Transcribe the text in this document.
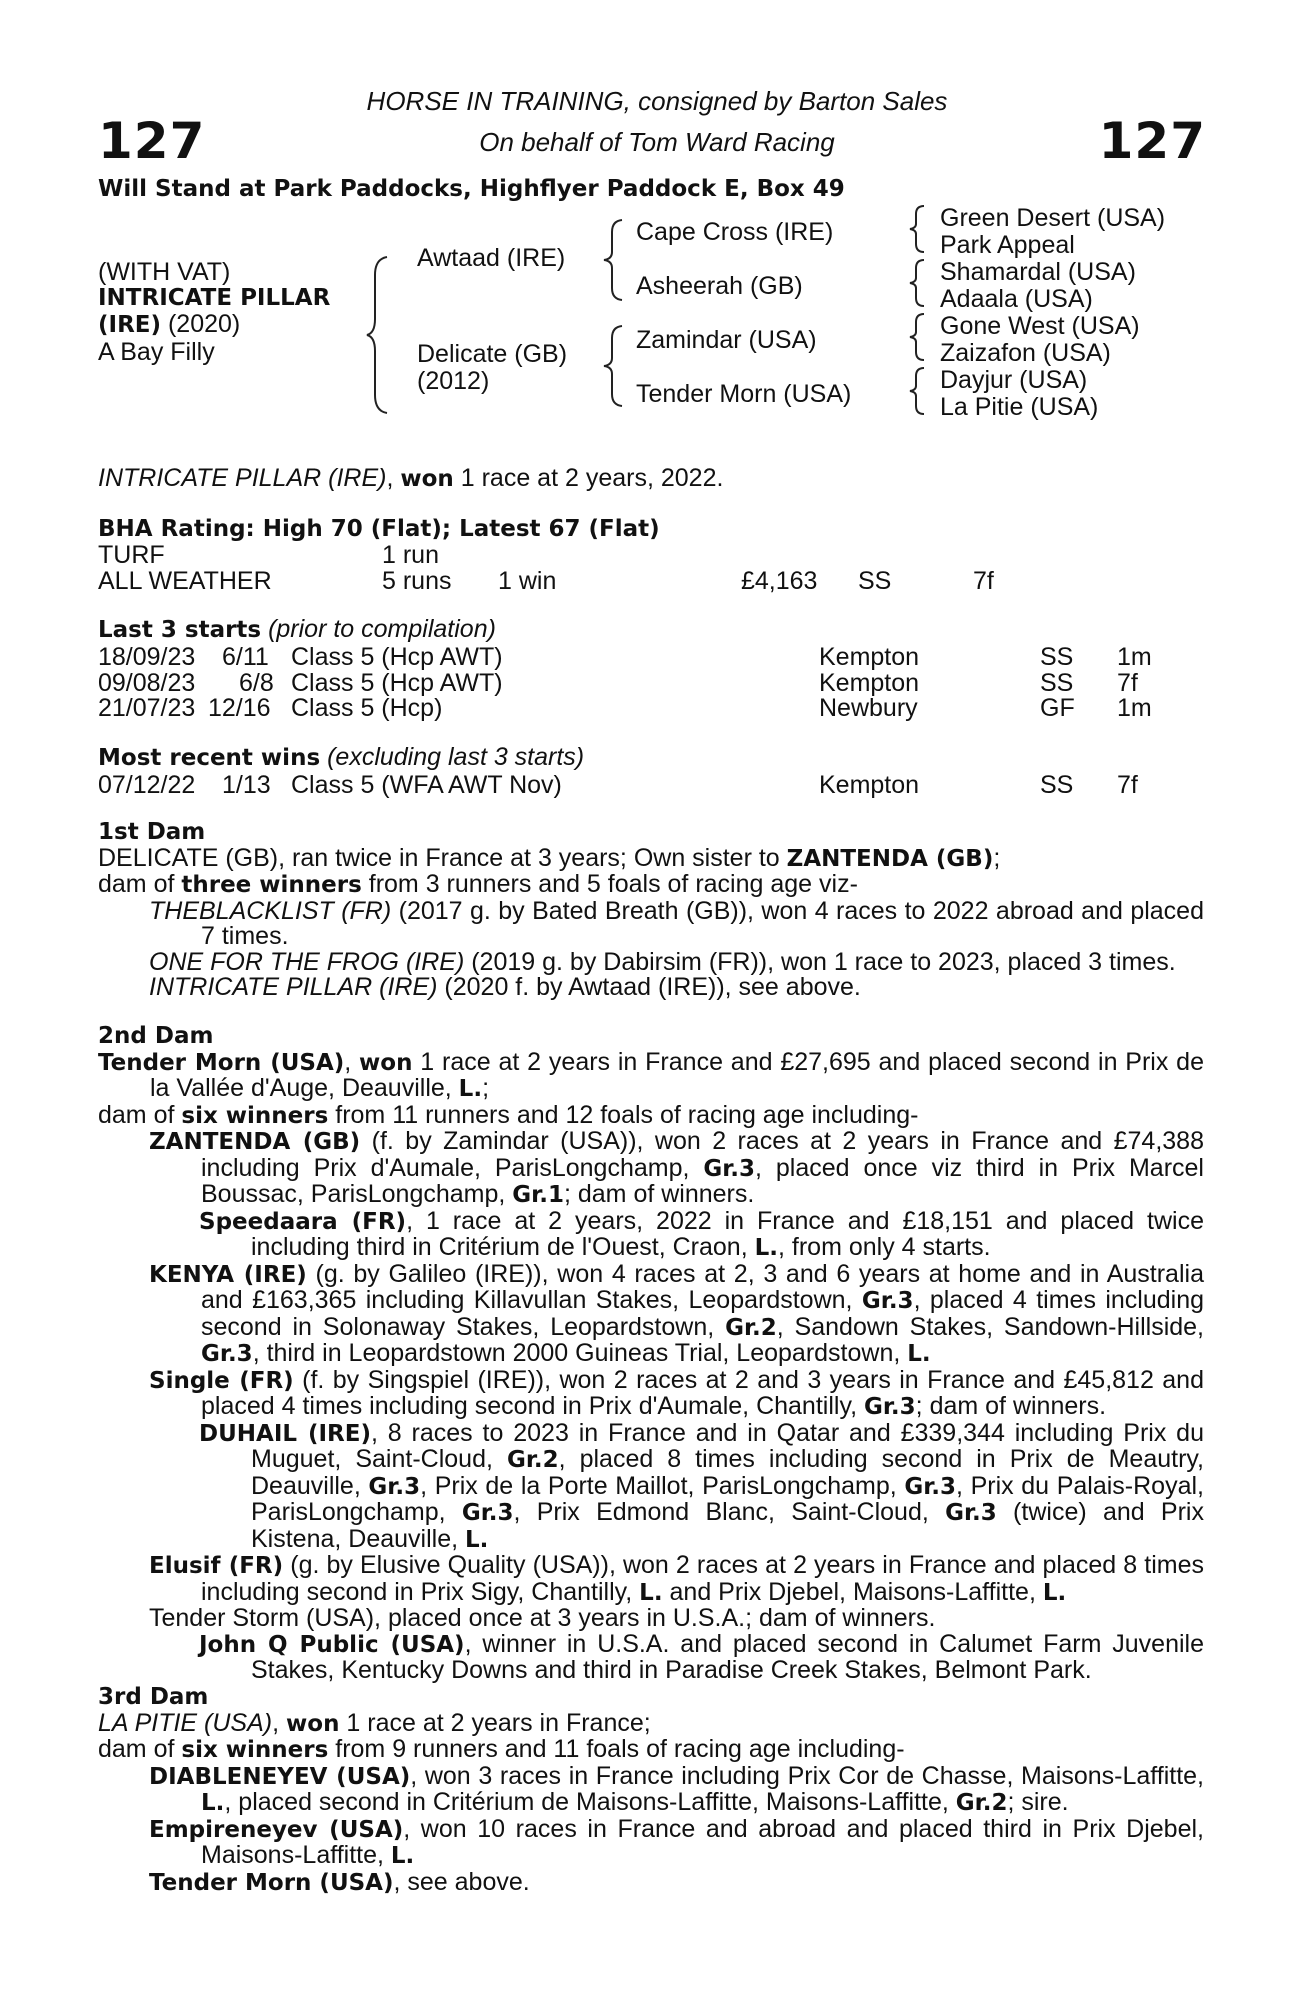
127	127
HORSE IN TRAINING, consigned by Barton Sales
On behalf of Tom Ward Racing
Will Stand at Park Paddocks, Highflyer Paddock E, Box 49
(WITH VAT)
INTRICATE PILLAR
(IRE) (2020)
A Bay Filly
Awtaad (IRE)
Delicate (GB)
(2012)
Cape Cross (IRE)
Asheerah (GB)
Zamindar (USA)
Tender Morn (USA)
Green Desert (USA)
Park Appeal
Shamardal (USA)
Adaala (USA)
Gone West (USA)
Zaizafon (USA)
Dayjur (USA)
La Pitie (USA)
INTRICATE PILLAR (IRE), won 1 race at 2 years, 2022.
BHA Rating: High 70 (Flat); Latest 67 (Flat)
TURF	1 run
ALL WEATHER	5 runs 1 win	£4,163 SS	7f
Last 3 starts (prior to compilation)
18/09/23 6/11 Class 5 (Hcp AWT)	Kempton	SS 1m
09/08/23 6/8 Class 5 (Hcp AWT)	Kempton	SS 7f
21/07/23 12/16 Class 5 (Hcp)	Newbury	GF 1m
Most recent wins (excluding last 3 starts)
07/12/22 1/13 Class 5 (WFA AWT Nov)	Kempton	SS 7f

1st Dam

DELICATE (GB), ran twice in France at 3 years; Own sister to ZANTENDA (GB);

dam of three winners from 3 runners and 5 foals of racing age viz-

THEBLACKLIST (FR) (2017 g. by Bated Breath (GB)), won 4 races to 2022 abroad and placed 7 times.

ONE FOR THE FROG (IRE) (2019 g. by Dabirsim (FR)), won 1 race to 2023, placed 3 times.

INTRICATE PILLAR (IRE) (2020 f. by Awtaad (IRE)), see above.

2nd Dam

Tender Morn (USA), won 1 race at 2 years in France and £27,695 and placed second in Prix de la Vallée d'Auge, Deauville, L.;

dam of six winners from 11 runners and 12 foals of racing age including-

ZANTENDA (GB) (f. by Zamindar (USA)), won 2 races at 2 years in France and £74,388 including Prix d'Aumale, ParisLongchamp, Gr.3, placed once viz third in Prix Marcel Boussac, ParisLongchamp, Gr.1; dam of winners.

Speedaara (FR), 1 race at 2 years, 2022 in France and £18,151 and placed twice including third in Critérium de l'Ouest, Craon, L., from only 4 starts.

KENYA (IRE) (g. by Galileo (IRE)), won 4 races at 2, 3 and 6 years at home and in Australia and £163,365 including Killavullan Stakes, Leopardstown, Gr.3, placed 4 times including second in Solonaway Stakes, Leopardstown, Gr.2, Sandown Stakes, Sandown-Hillside, Gr.3, third in Leopardstown 2000 Guineas Trial, Leopardstown, L.

Single (FR) (f. by Singspiel (IRE)), won 2 races at 2 and 3 years in France and £45,812 and placed 4 times including second in Prix d'Aumale, Chantilly, Gr.3; dam of winners.

DUHAIL (IRE), 8 races to 2023 in France and in Qatar and £339,344 including Prix du Muguet, Saint-Cloud, Gr.2, placed 8 times including second in Prix de Meautry, Deauville, Gr.3, Prix de la Porte Maillot, ParisLongchamp, Gr.3, Prix du Palais-Royal, ParisLongchamp, Gr.3, Prix Edmond Blanc, Saint-Cloud, Gr.3 (twice) and Prix Kistena, Deauville, L.

Elusif (FR) (g. by Elusive Quality (USA)), won 2 races at 2 years in France and placed 8 times including second in Prix Sigy, Chantilly, L. and Prix Djebel, Maisons-Laffitte, L.

Tender Storm (USA), placed once at 3 years in U.S.A.; dam of winners.

John Q Public (USA), winner in U.S.A. and placed second in Calumet Farm Juvenile Stakes, Kentucky Downs and third in Paradise Creek Stakes, Belmont Park.

3rd Dam

LA PITIE (USA), won 1 race at 2 years in France;

dam of six winners from 9 runners and 11 foals of racing age including-

DIABLENEYEV (USA), won 3 races in France including Prix Cor de Chasse, Maisons-Laffitte, L., placed second in Critérium de Maisons-Laffitte, Maisons-Laffitte, Gr.2; sire.

Empireneyev (USA), won 10 races in France and abroad and placed third in Prix Djebel, Maisons-Laffitte, L.

Tender Morn (USA), see above.
